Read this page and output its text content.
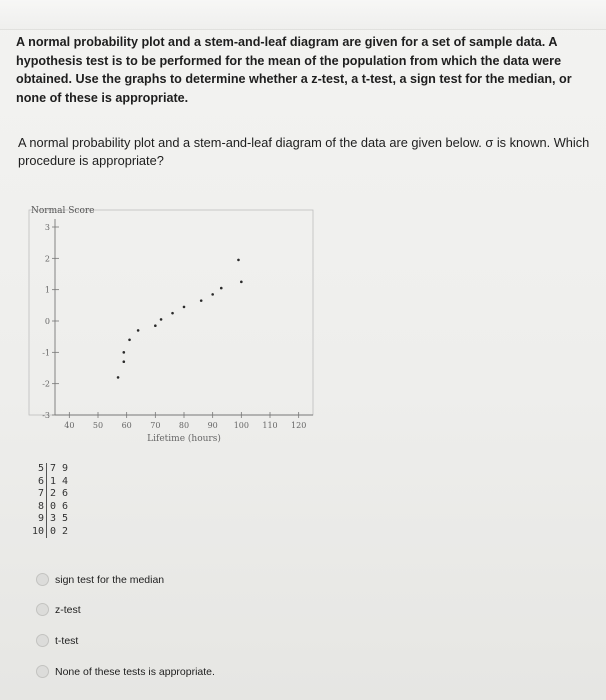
A normal probability plot and a stem-and-leaf diagram are given for a set of sample data. A hypothesis test is to be performed for the mean of the population from which the data were obtained. Use the graphs to determine whether a z-test, a t-test, a sign test for the median, or none of these is appropriate.

A normal probability plot and a stem-and-leaf diagram of the data are given below. σ is known. Which procedure is appropriate?

Normal Score
-3
-2
-1
0
1
2
3
40 50 60 70 80 90 100 110 120
Lifetime (hours)
5 7 9
6 1 4
7 2 6
8 0 6
9 3 5
10 0 2
sign test for the median
z-test
t-test
None of these tests is appropriate.
